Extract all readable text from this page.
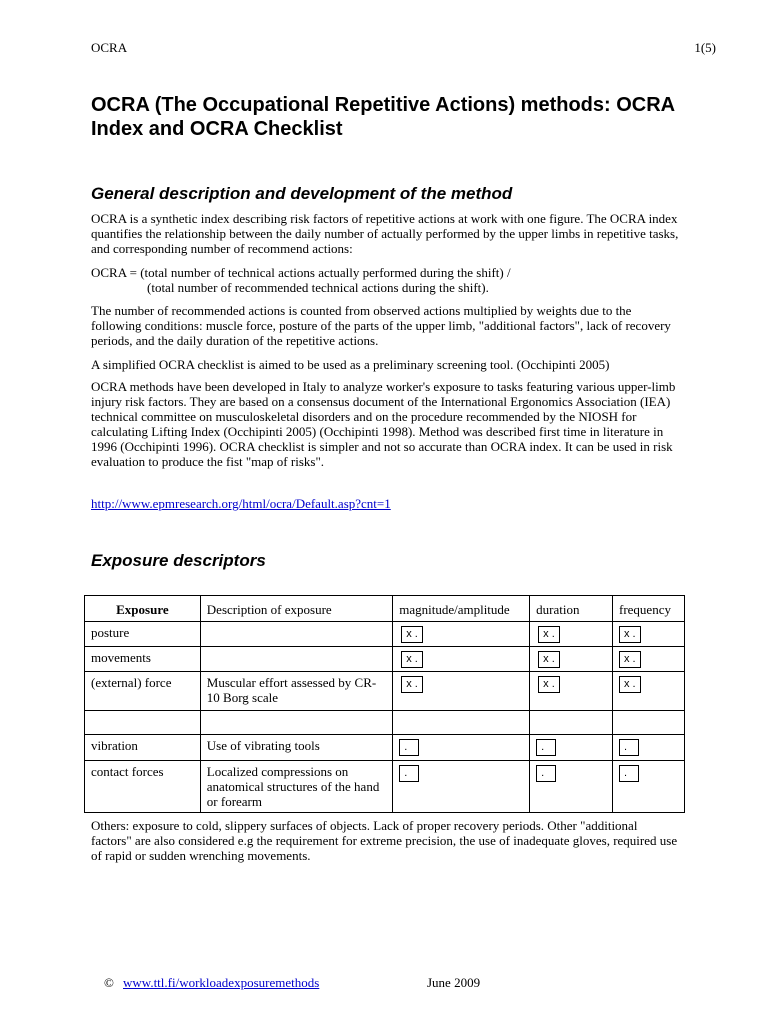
OCRA	1(5)
OCRA (The Occupational Repetitive Actions) methods: OCRA Index and OCRA Checklist
General description and development of the method

OCRA is a synthetic index describing risk factors of repetitive actions at work with one figure. The OCRA index quantifies the relationship between the daily number of actually performed by the upper limbs in repetitive tasks, and corresponding number of recommend actions:

OCRA = (total number of technical actions actually performed during the shift) /
(total number of recommended technical actions during the shift).

The number of recommended actions is counted from observed actions multiplied by weights due to the following conditions: muscle force, posture of the parts of the upper limb, "additional factors", lack of recovery periods, and the daily duration of the repetitive actions.

A simplified OCRA checklist is aimed to be used as a preliminary screening tool. (Occhipinti 2005)

OCRA methods have been developed in Italy to analyze worker's exposure to tasks featuring various upper-limb injury risk factors. They are based on a consensus document of the International Ergonomics Association (IEA) technical committee on musculoskeletal disorders and on the procedure recommended by the NIOSH for calculating Lifting Index (Occhipinti 2005) (Occhipinti 1998). Method was described first time in literature in 1996 (Occhipinti 1996). OCRA checklist is simpler and not so accurate than OCRA index. It can be used in risk evaluation to produce the fist "map of risks".

http://www.epmresearch.org/html/ocra/Default.asp?cnt=1
Exposure descriptors
Exposure	Description of exposure	magnitude/amplitude	duration	frequency
posture		x .	x .	x .
movements		x .	x .	x .
(external) force	Muscular effort assessed by CR-10 Borg scale	x .	x .	x .

vibration	Use of vibrating tools	.	.	.
contact forces	Localized compressions on anatomical structures of the hand or forearm	.	.	.

Others: exposure to cold, slippery surfaces of objects. Lack of proper recovery periods. Other "additional factors" are also considered e.g the requirement for extreme precision, the use of inadequate gloves, required use of rapid or sudden wrenching movements.

© www.ttl.fi/workloadexposuremethods	June 2009
